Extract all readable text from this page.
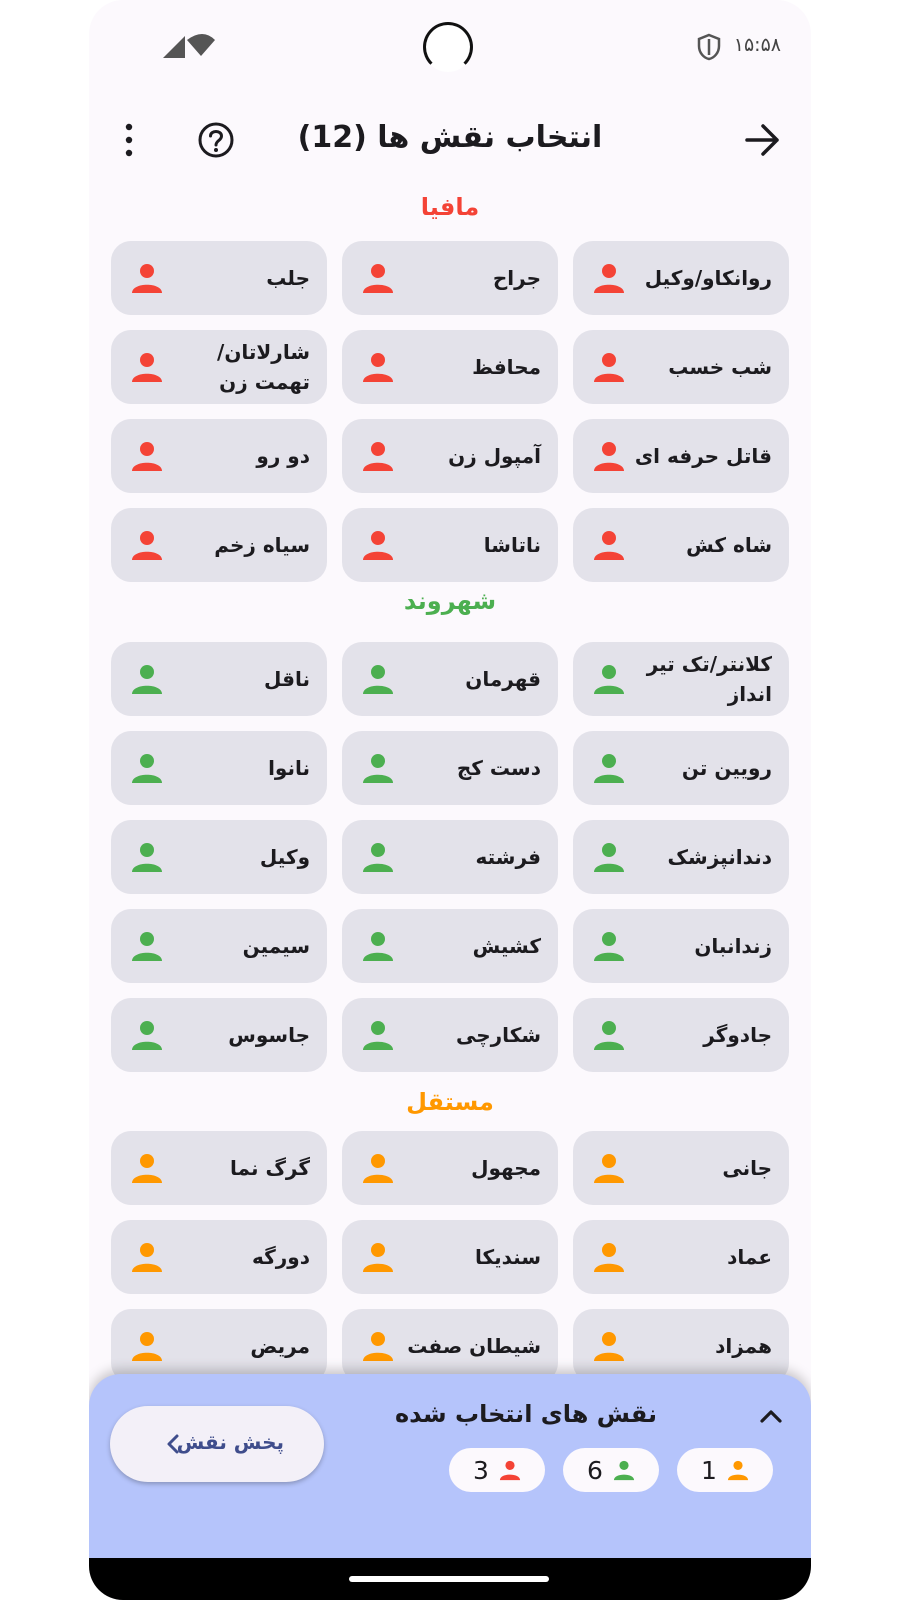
۱۵:۵۸
انتخاب نقش ها (12)
مافیا
روانکاو/وکیل
جراح
جلب
شب خسب
محافظ
شارلاتان/تهمت زن
قاتل حرفه ای
آمپول زن
دو رو
شاه کش
ناتاشا
سیاه زخم
شهروند
کلانتر/تک تیر انداز
قهرمان
ناقل
رویین تن
دست کج
نانوا
دندانپزشک
فرشته
وکیل
زندانبان
کشیش
سیمین
جادوگر
شکارچی
جاسوس
مستقل
جانی
مجهول
گرگ نما
عماد
سندیکا
دورگه
همزاد
شیطان صفت
مریض
نقش های انتخاب شده
3	6	1
پخش نقش
